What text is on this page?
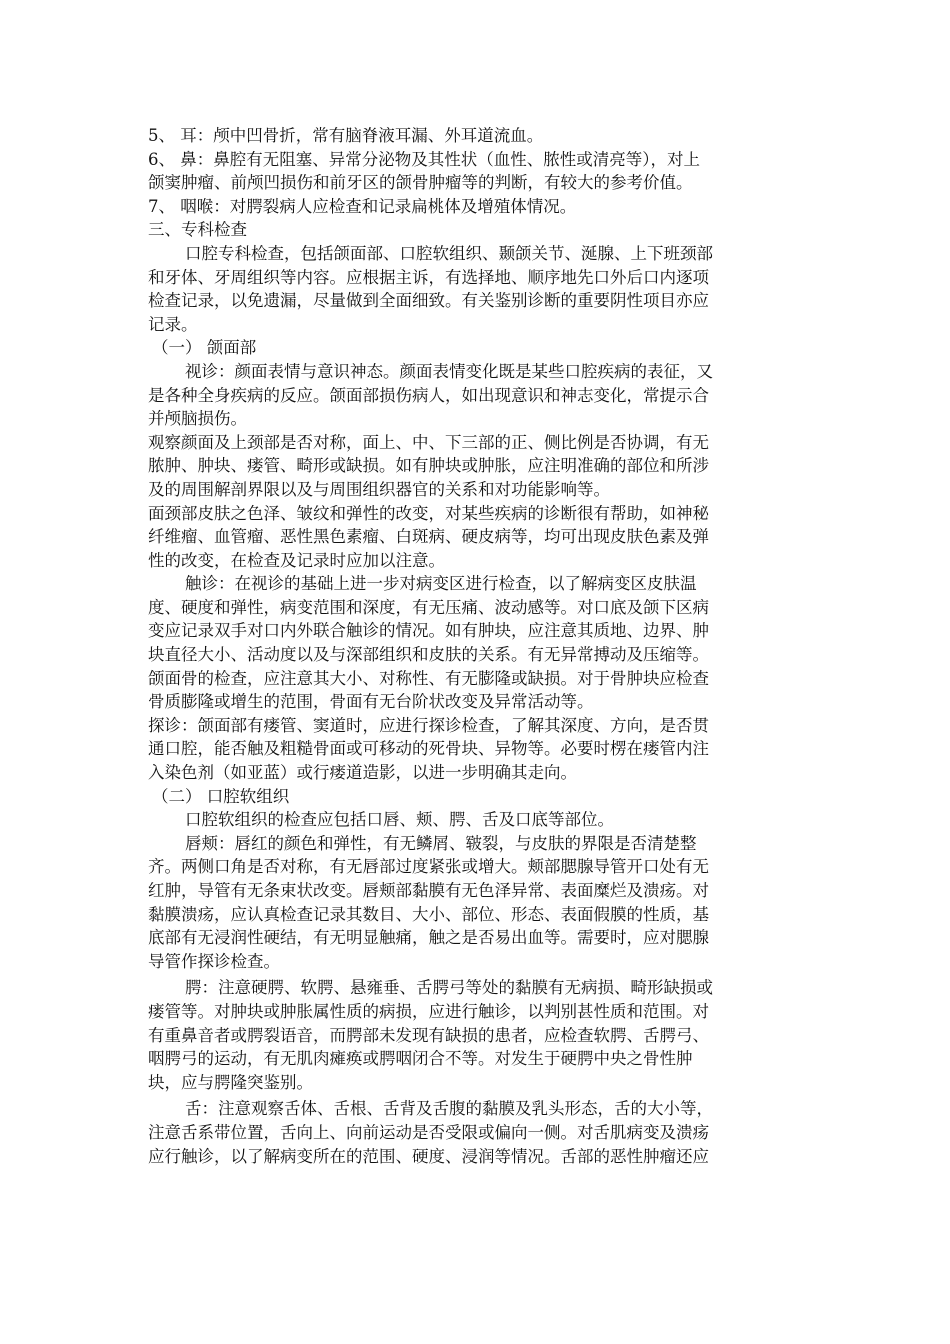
5、 耳：颅中凹骨折，常有脑脊液耳漏、外耳道流血。
6、 鼻：鼻腔有无阻塞、异常分泌物及其性状（血性、脓性或清亮等），对上
颌窦肿瘤、前颅凹损伤和前牙区的颌骨肿瘤等的判断，有较大的参考价值。
7、 咽喉：对腭裂病人应检查和记录扁桃体及增殖体情况。
三、专科检查
口腔专科检查，包括颌面部、口腔软组织、颞颌关节、涎腺、上下班颈部
和牙体、牙周组织等内容。应根据主诉，有选择地、顺序地先口外后口内逐项
检查记录，以免遗漏，尽量做到全面细致。有关鉴别诊断的重要阴性项目亦应
记录。
（一） 颌面部
视诊：颜面表情与意识神态。颜面表情变化既是某些口腔疾病的表征，又
是各种全身疾病的反应。颌面部损伤病人，如出现意识和神志变化，常提示合
并颅脑损伤。
观察颜面及上颈部是否对称，面上、中、下三部的正、侧比例是否协调，有无
脓肿、肿块、瘘管、畸形或缺损。如有肿块或肿胀，应注明准确的部位和所涉
及的周围解剖界限以及与周围组织器官的关系和对功能影响等。
面颈部皮肤之色泽、皱纹和弹性的改变，对某些疾病的诊断很有帮助，如神秘
纤维瘤、血管瘤、恶性黑色素瘤、白斑病、硬皮病等，均可出现皮肤色素及弹
性的改变，在检查及记录时应加以注意。
触诊：在视诊的基础上进一步对病变区进行检查，以了解病变区皮肤温
度、硬度和弹性，病变范围和深度，有无压痛、波动感等。对口底及颌下区病
变应记录双手对口内外联合触诊的情况。如有肿块，应注意其质地、边界、肿
块直径大小、活动度以及与深部组织和皮肤的关系。有无异常搏动及压缩等。
颌面骨的检查，应注意其大小、对称性、有无膨隆或缺损。对于骨肿块应检查
骨质膨隆或增生的范围，骨面有无台阶状改变及异常活动等。
探诊：颌面部有瘘管、窦道时，应进行探诊检查，了解其深度、方向，是否贯
通口腔，能否触及粗糙骨面或可移动的死骨块、异物等。必要时楞在瘘管内注
入染色剂（如亚蓝）或行瘘道造影，以进一步明确其走向。
（二） 口腔软组织
口腔软组织的检查应包括口唇、颊、腭、舌及口底等部位。
唇颊：唇红的颜色和弹性，有无鳞屑、皲裂，与皮肤的界限是否清楚整
齐。两侧口角是否对称，有无唇部过度紧张或增大。颊部腮腺导管开口处有无
红肿，导管有无条束状改变。唇颊部黏膜有无色泽异常、表面糜烂及溃疡。对
黏膜溃疡，应认真检查记录其数目、大小、部位、形态、表面假膜的性质，基
底部有无浸润性硬结，有无明显触痛，触之是否易出血等。需要时，应对腮腺
导管作探诊检查。
腭：注意硬腭、软腭、悬雍垂、舌腭弓等处的黏膜有无病损、畸形缺损或
瘘管等。对肿块或肿胀属性质的病损，应进行触诊，以判别甚性质和范围。对
有重鼻音者或腭裂语音，而腭部未发现有缺损的患者，应检查软腭、舌腭弓、
咽腭弓的运动，有无肌肉瘫痪或腭咽闭合不等。对发生于硬腭中央之骨性肿
块，应与腭隆突鉴别。
舌：注意观察舌体、舌根、舌背及舌腹的黏膜及乳头形态，舌的大小等，
注意舌系带位置，舌向上、向前运动是否受限或偏向一侧。对舌肌病变及溃疡
应行触诊，以了解病变所在的范围、硬度、浸润等情况。舌部的恶性肿瘤还应
